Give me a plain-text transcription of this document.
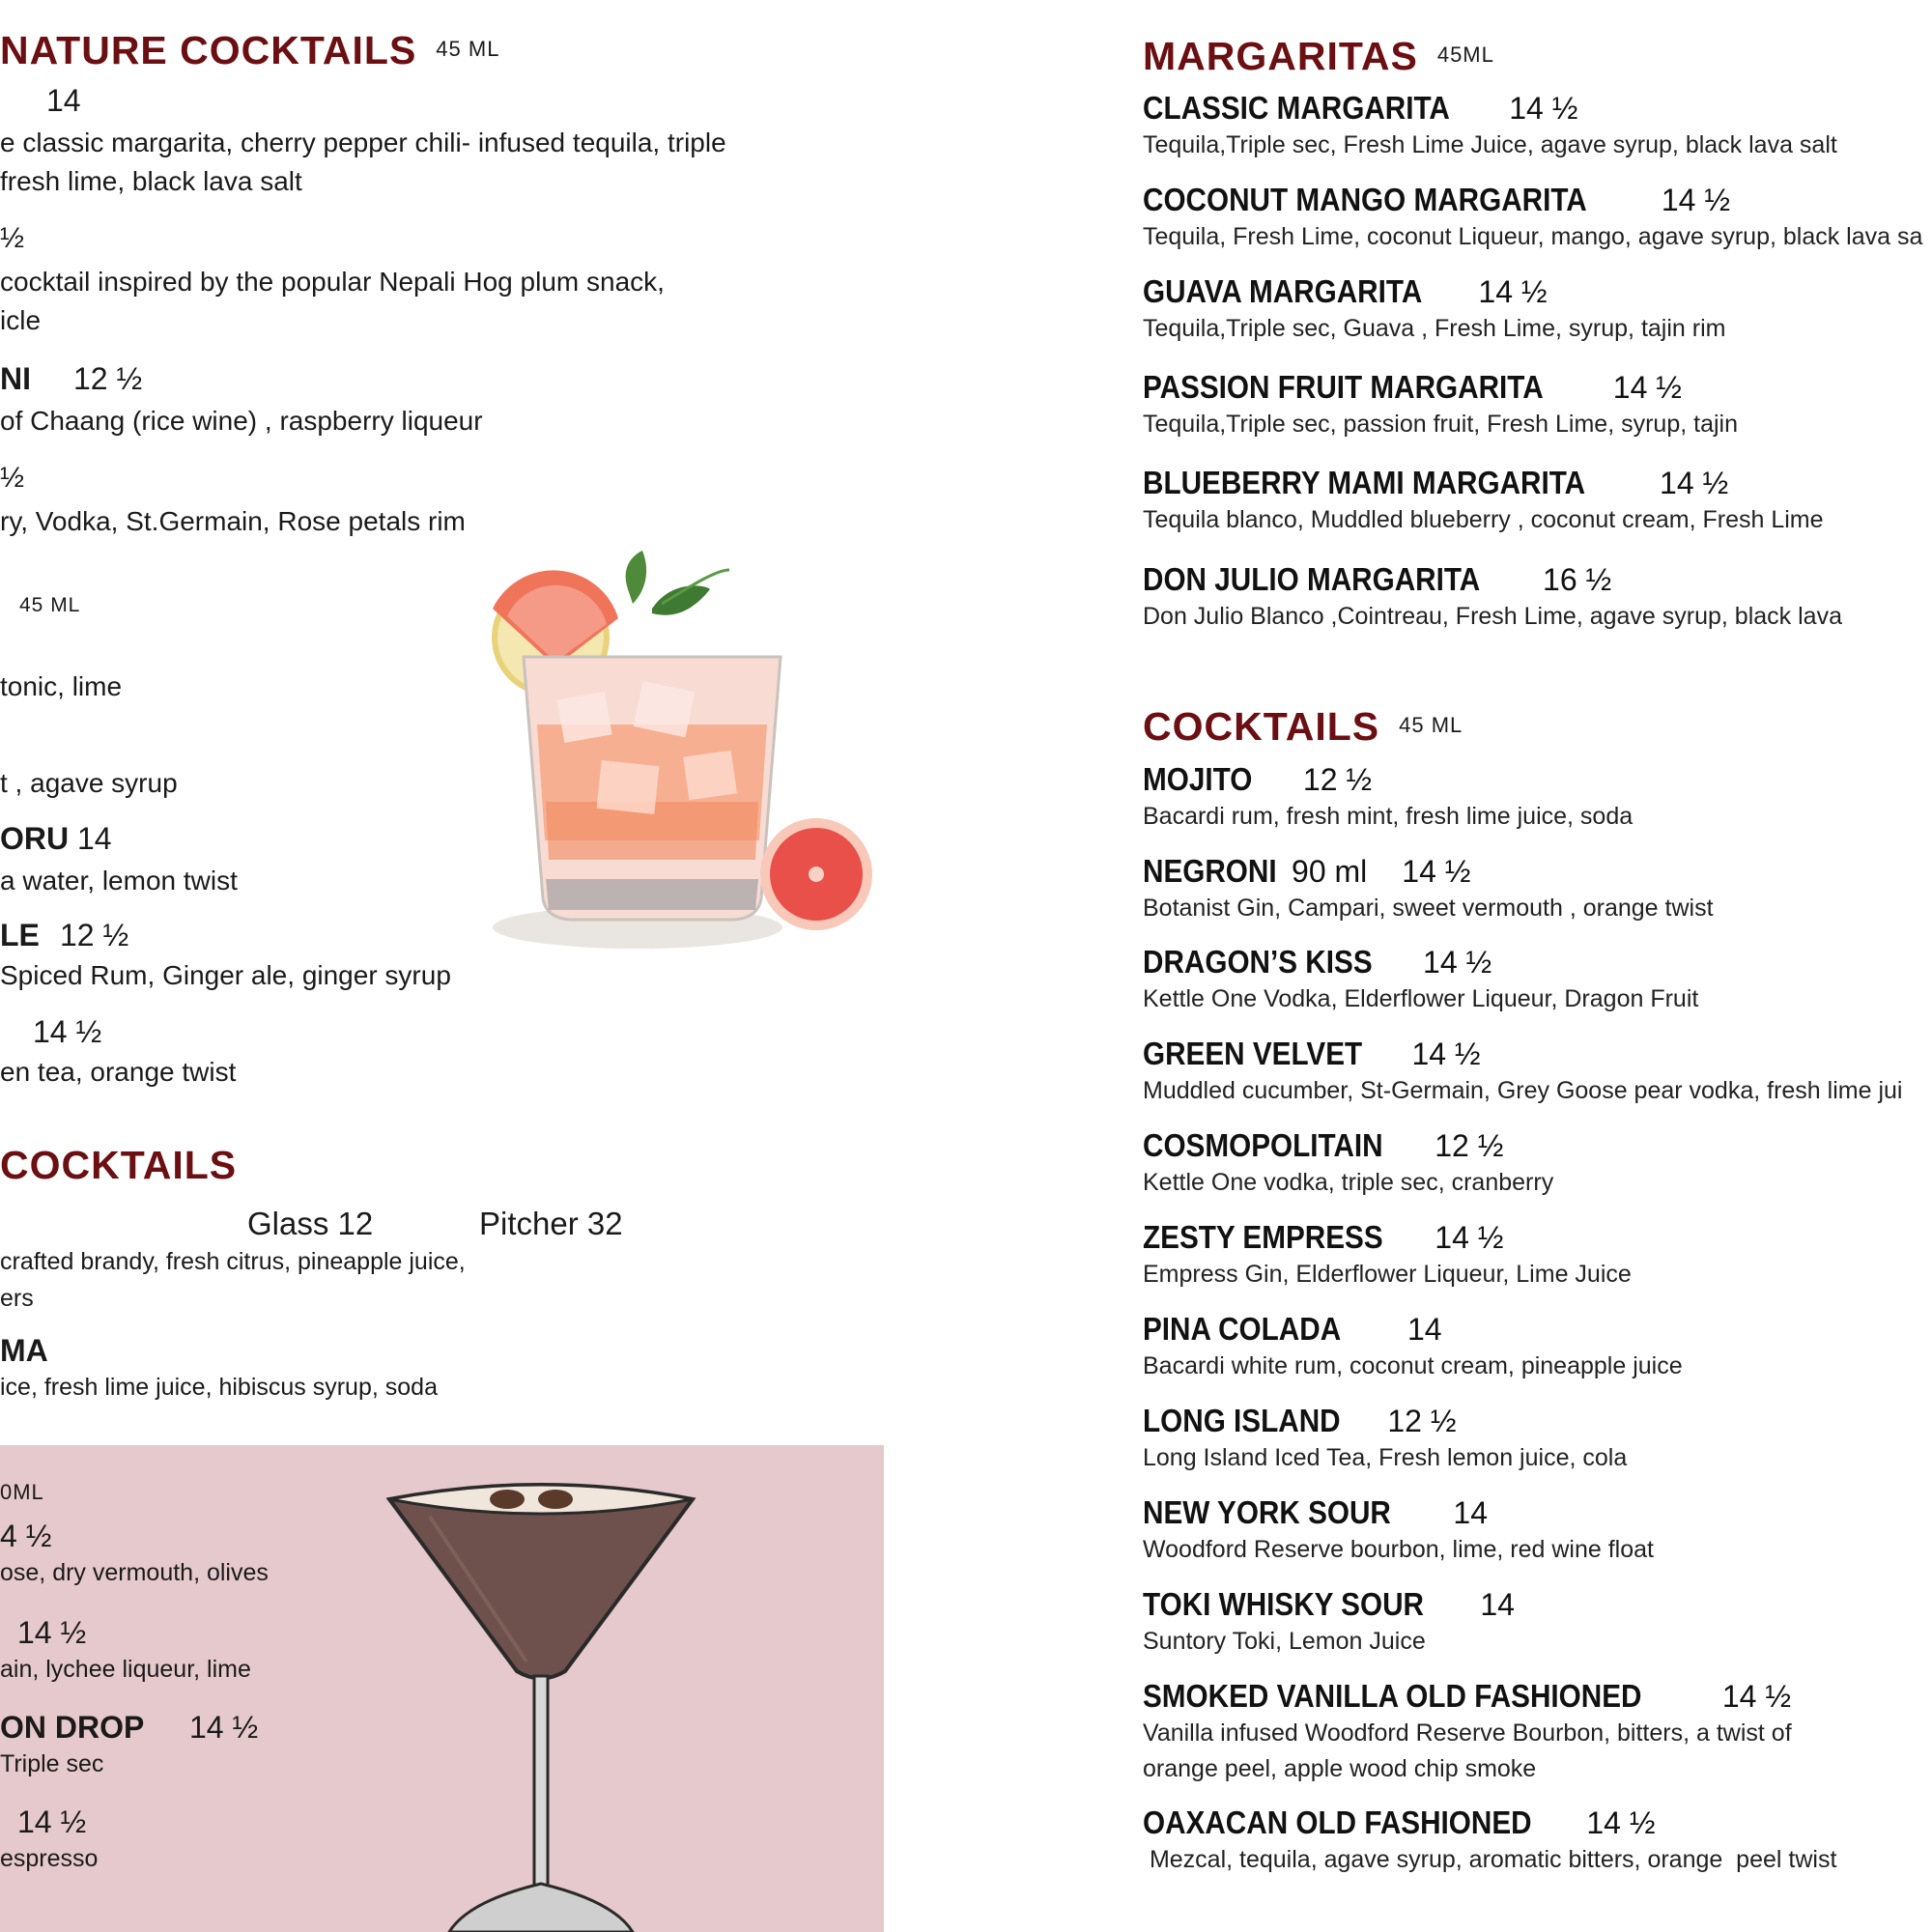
NATURE COCKTAILS 45 ML
14
e classic margarita, cherry pepper chili- infused tequila, triple
fresh lime, black lava salt
½
cocktail inspired by the popular Nepali Hog plum snack,
icle
NI 12 ½
of Chaang (rice wine) , raspberry liqueur
½
ry, Vodka, St.Germain, Rose petals rim
45 ML
tonic, lime
t , agave syrup
ORU 14
a water, lemon twist
LE 12 ½
Spiced Rum, Ginger ale, ginger syrup
14 ½
en tea, orange twist
COCKTAILS
Glass 12	Pitcher 32
crafted brandy, fresh citrus, pineapple juice,
ers
MA
ice, fresh lime juice, hibiscus syrup, soda
0ML
4 ½
ose, dry vermouth, olives
14 ½
ain, lychee liqueur, lime
ON DROP 14 ½
Triple sec
14 ½
espresso
MARGARITAS 45ML
CLASSIC MARGARITA 14 ½
Tequila,Triple sec, Fresh Lime Juice, agave syrup, black lava salt
COCONUT MANGO MARGARITA 14 ½
Tequila, Fresh Lime, coconut Liqueur, mango, agave syrup, black lava sa
GUAVA MARGARITA 14 ½
Tequila,Triple sec, Guava , Fresh Lime, syrup, tajin rim
PASSION FRUIT MARGARITA 14 ½
Tequila,Triple sec, passion fruit, Fresh Lime, syrup, tajin
BLUEBERRY MAMI MARGARITA 14 ½
Tequila blanco, Muddled blueberry , coconut cream, Fresh Lime
DON JULIO MARGARITA 16 ½
Don Julio Blanco ,Cointreau, Fresh Lime, agave syrup, black lava
COCKTAILS 45 ML
MOJITO 12 ½
Bacardi rum, fresh mint, fresh lime juice, soda
NEGRONI 90 ml 14 ½
Botanist Gin, Campari, sweet vermouth , orange twist
DRAGON’S KISS 14 ½
Kettle One Vodka, Elderflower Liqueur, Dragon Fruit
GREEN VELVET 14 ½
Muddled cucumber, St-Germain, Grey Goose pear vodka, fresh lime jui
COSMOPOLITAIN 12 ½
Kettle One vodka, triple sec, cranberry
ZESTY EMPRESS 14 ½
Empress Gin, Elderflower Liqueur, Lime Juice
PINA COLADA 14
Bacardi white rum, coconut cream, pineapple juice
LONG ISLAND 12 ½
Long Island Iced Tea, Fresh lemon juice, cola
NEW YORK SOUR 14
Woodford Reserve bourbon, lime, red wine float
TOKI WHISKY SOUR 14
Suntory Toki, Lemon Juice
SMOKED VANILLA OLD FASHIONED	14 ½
Vanilla infused Woodford Reserve Bourbon, bitters, a twist of
orange peel, apple wood chip smoke
OAXACAN OLD FASHIONED 14 ½
Mezcal, tequila, agave syrup, aromatic bitters, orange  peel twist
